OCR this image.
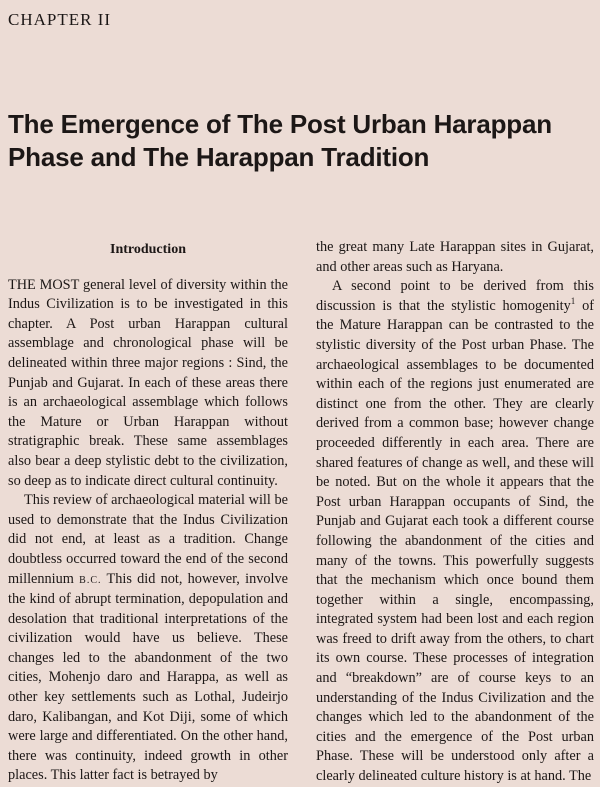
CHAPTER II
The Emergence of The Post Urban Harappan
Phase and The Harappan Tradition
Introduction

THE MOST general level of diversity within the Indus Civilization is to be investigated in this chapter. A Post urban Harappan cultural assemblage and chronological phase will be delineated within three major regions : Sind, the Punjab and Gujarat. In each of these areas there is an archaeological assemblage which follows the Mature or Urban Harappan without stratigraphic break. These same assemblages also bear a deep stylistic debt to the civilization, so deep as to indicate direct cultural continuity.

This review of archaeological material will be used to demonstrate that the Indus Civilization did not end, at least as a tradition. Change doubtless occurred toward the end of the second millennium B.C. This did not, however, involve the kind of abrupt termination, depopulation and desolation that traditional interpretations of the civilization would have us believe. These changes led to the abandonment of the two cities, Mohenjo daro and Harappa, as well as other key settlements such as Lothal, Judeirjo daro, Kalibangan, and Kot Diji, some of which were large and differentiated. On the other hand, there was continuity, indeed growth in other places. This latter fact is betrayed by

the great many Late Harappan sites in Gujarat, and other areas such as Haryana.

A second point to be derived from this discussion is that the stylistic homogenity$^1$ of the Mature Harappan can be contrasted to the stylistic diversity of the Post urban Phase. The archaeological assemblages to be documented within each of the regions just enumerated are distinct one from the other. They are clearly derived from a common base; however change proceeded differently in each area. There are shared features of change as well, and these will be noted. But on the whole it appears that the Post urban Harappan occupants of Sind, the Punjab and Gujarat each took a different course following the abandonment of the cities and many of the towns. This powerfully suggests that the mechanism which once bound them together within a single, encompassing, integrated system had been lost and each region was freed to drift away from the others, to chart its own course. These processes of integration and “breakdown” are of course keys to an understanding of the Indus Civilization and the changes which led to the abandonment of the cities and the emergence of the Post urban Phase. These will be understood only after a clearly delineated culture history is at hand. The
